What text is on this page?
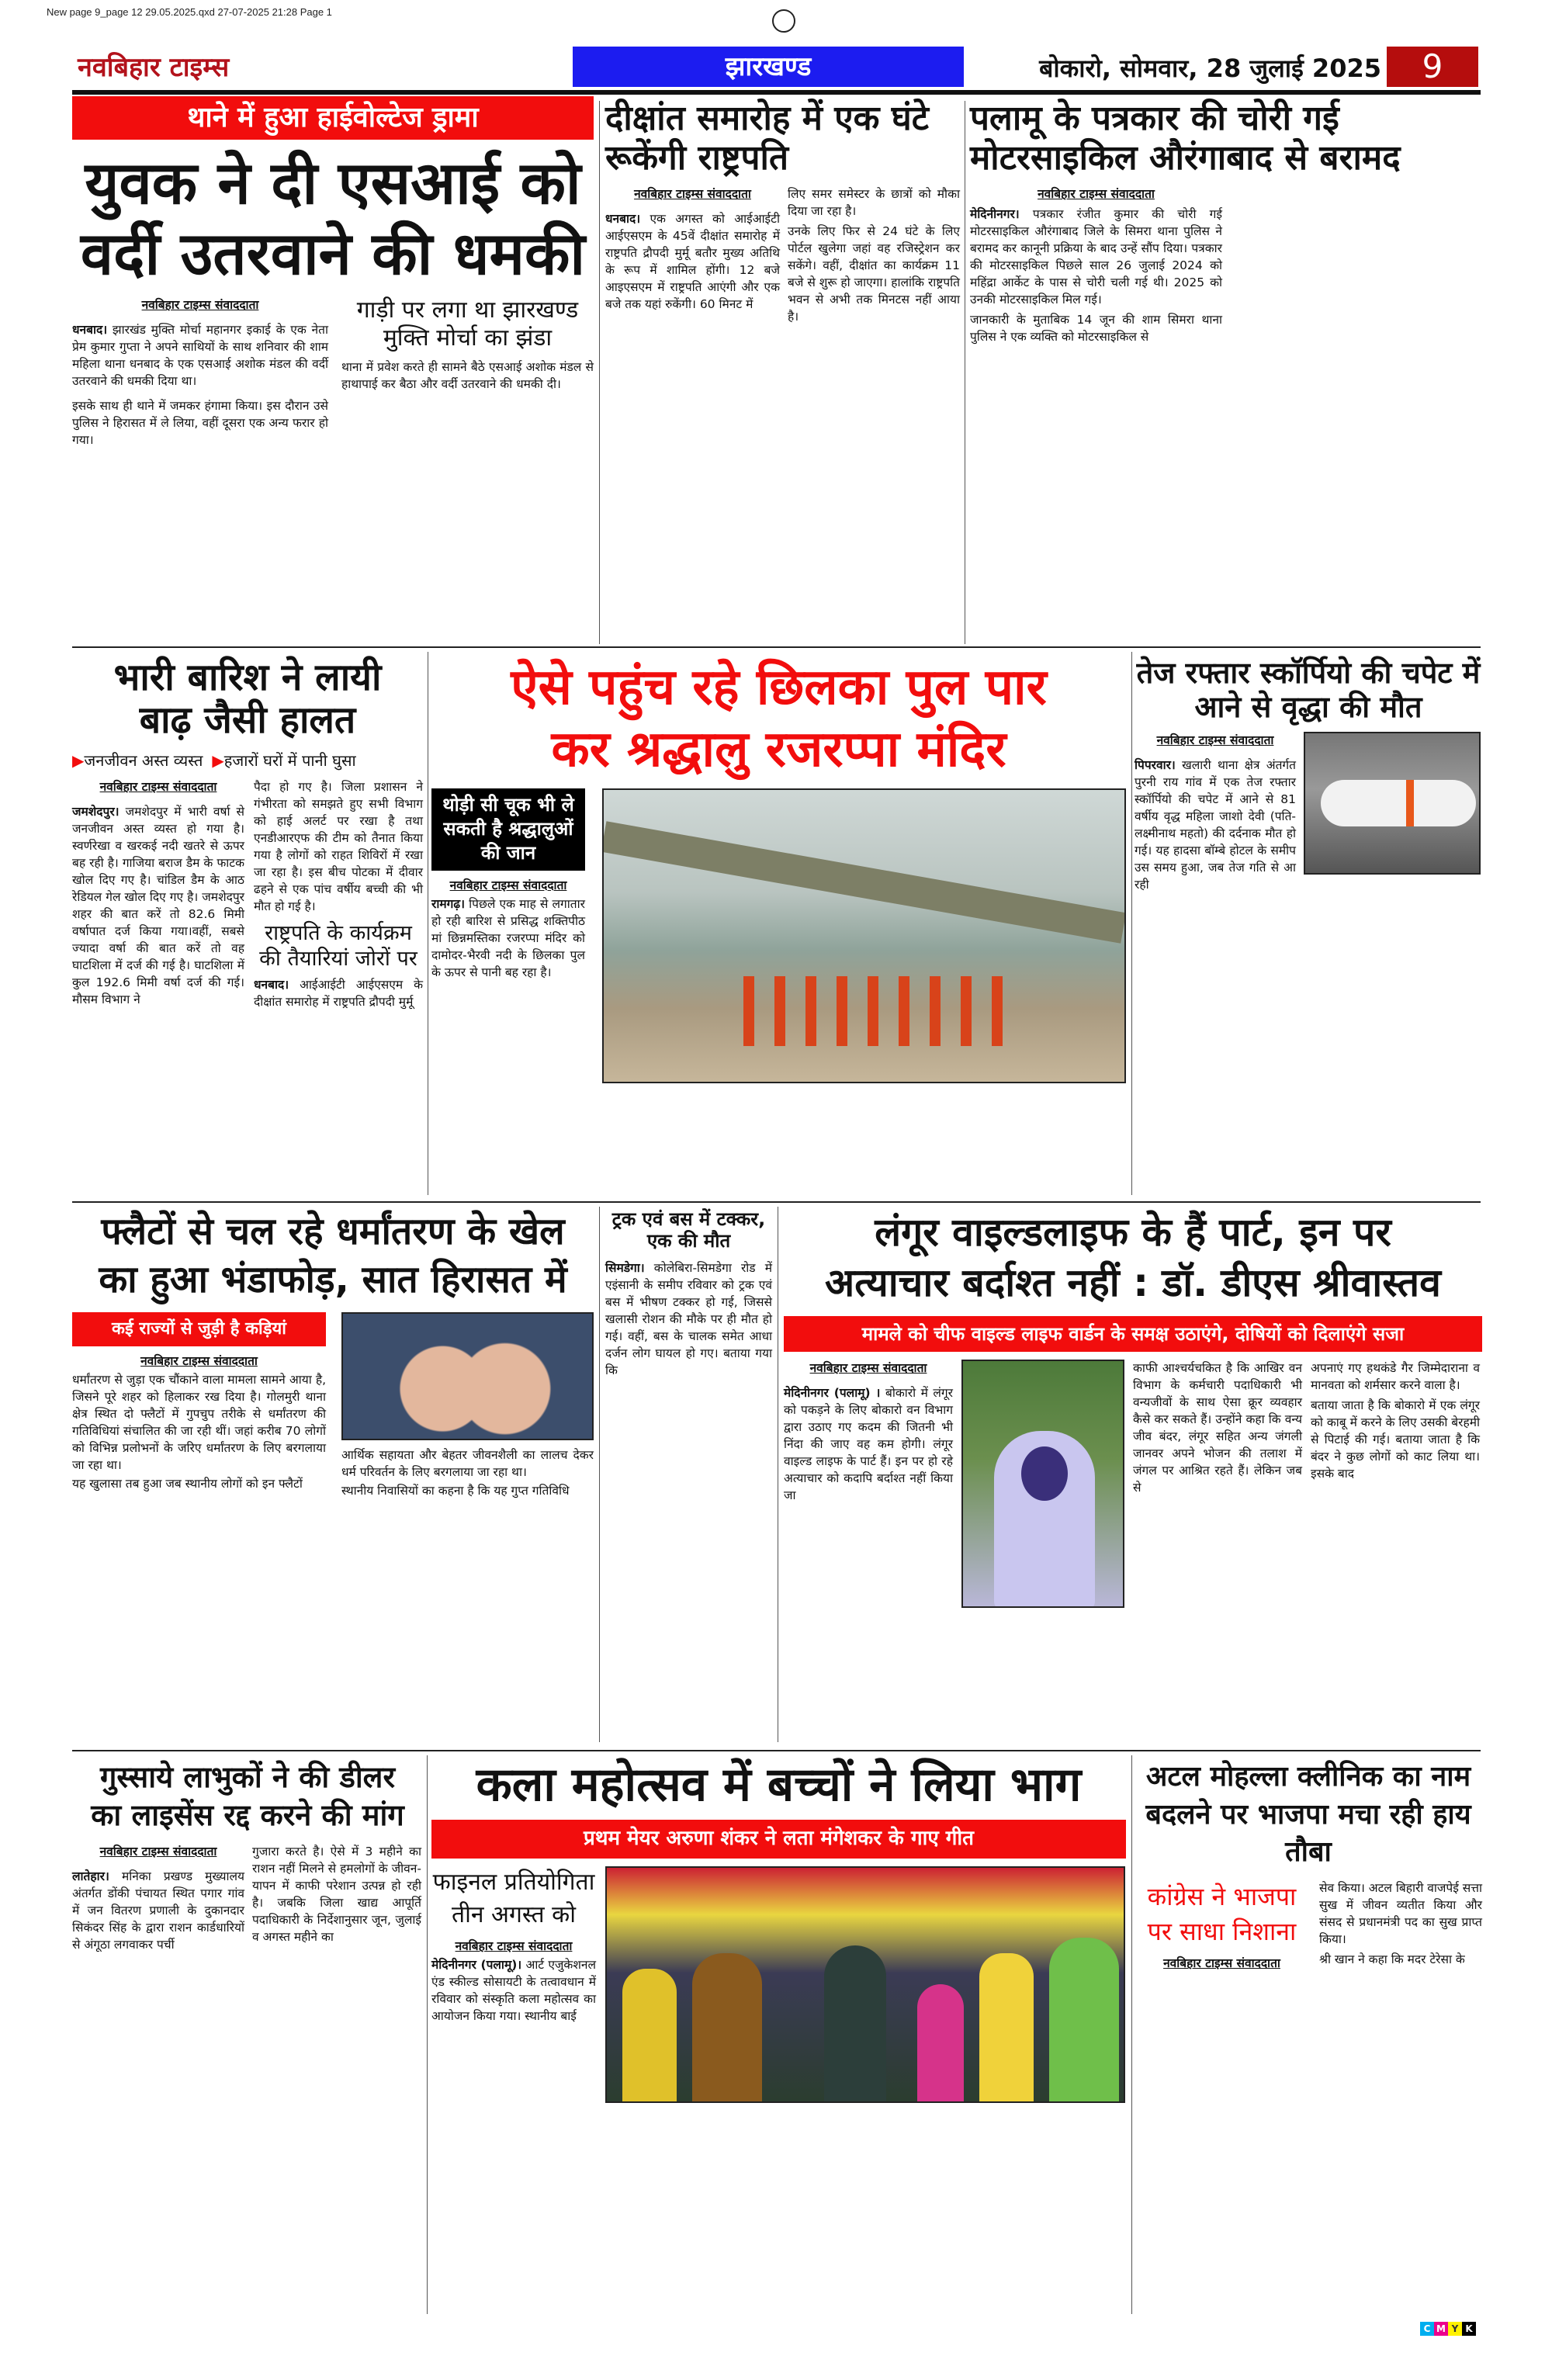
New page 9_page 12 29.05.2025.qxd 27-07-2025 21:28 Page 1
नवबिहार टाइम्स	झारखण्ड	बोकारो, सोमवार, 28 जुलाई 2025	9
थाने में हुआ हाईवोल्टेज ड्रामा
युवक ने दी एसआई को
वर्दी उतरवाने की धमकी
नवबिहार टाइम्स संवाददाता

धनबाद। झारखंड मुक्ति मोर्चा महानगर इकाई के एक नेता प्रेम कुमार गुप्ता ने अपने साथियों के साथ शनिवार की शाम महिला थाना धनबाद के एक एसआई अशोक मंडल की वर्दी उतरवाने की धमकी दिया था।

इसके साथ ही थाने में जमकर हंगामा किया। इस दौरान उसे पुलिस ने हिरासत में ले लिया, वहीं दूसरा एक अन्य फरार हो गया।

गाड़ी पर लगा था झारखण्ड मुक्ति मोर्चा का झंडा

थाना में प्रवेश करते ही सामने बैठे एसआई अशोक मंडल से हाथापाई कर बैठा और वर्दी उतरवाने की धमकी दी।

दीक्षांत समारोह में एक घंटे रूकेंगी राष्ट्रपति
नवबिहार टाइम्स संवाददाता

धनबाद। एक अगस्त को आईआईटी आईएसएम के 45वें दीक्षांत समारोह में राष्ट्रपति द्रौपदी मुर्मू बतौर मुख्य अतिथि के रूप में शामिल होंगी। 12 बजे आइएसएम में राष्ट्रपति आएंगी और एक बजे तक यहां रुकेंगी। 60 मिनट में

लिए समर समेस्टर के छात्रों को मौका दिया जा रहा है।

उनके लिए फिर से 24 घंटे के लिए पोर्टल खुलेगा जहां वह रजिस्ट्रेशन कर सकेंगे। वहीं, दीक्षांत का कार्यक्रम 11 बजे से शुरू हो जाएगा। हालांकि राष्ट्रपति भवन से अभी तक मिनटस नहीं आया है।

पलामू के पत्रकार की चोरी गई मोटरसाइकिल औरंगाबाद से बरामद
नवबिहार टाइम्स संवाददाता

मेदिनीनगर। पत्रकार रंजीत कुमार की चोरी गई मोटरसाइकिल औरंगाबाद जिले के सिमरा थाना पुलिस ने बरामद कर कानूनी प्रक्रिया के बाद उन्हें सौंप दिया। पत्रकार की मोटरसाइकिल पिछले साल 26 जुलाई 2024 को महिंद्रा आर्केट के पास से चोरी चली गई थी। 2025 को उनकी मोटरसाइकिल मिल गई।

जानकारी के मुताबिक 14 जून की शाम सिमरा थाना पुलिस ने एक व्यक्ति को मोटरसाइकिल से

भारी बारिश ने लायी
बाढ़ जैसी हालत
▶जनजीवन अस्त व्यस्त ▶हजारों घरों में पानी घुसा
नवबिहार टाइम्स संवाददाता

जमशेदपुर। जमशेदपुर में भारी वर्षा से जनजीवन अस्त व्यस्त हो गया है। स्वर्णरेखा व खरकई नदी खतरे से ऊपर बह रही है। गाजिया बराज डैम के फाटक खोल दिए गए है। चांडिल डैम के आठ रेडियल गेल खोल दिए गए है। जमशेदपुर शहर की बात करें तो 82.6 मिमी वर्षापात दर्ज किया गया।वहीं, सबसे ज्यादा वर्षा की बात करें तो वह घाटशिला में दर्ज की गई है। घाटशिला में कुल 192.6 मिमी वर्षा दर्ज की गई। मौसम विभाग ने

पैदा हो गए है। जिला प्रशासन ने गंभीरता को समझते हुए सभी विभाग को हाई अलर्ट पर रखा है तथा एनडीआरएफ की टीम को तैनात किया गया है लोगों को राहत शिविरों में रखा जा रहा है। इस बीच पोटका में दीवार ढहने से एक पांच वर्षीय बच्ची की भी मौत हो गई है।

राष्ट्रपति के कार्यक्रम की तैयारियां जोरों पर

धनबाद। आईआईटी आईएसएम के दीक्षांत समारोह में राष्ट्रपति द्रौपदी मुर्मू

ऐसे पहुंच रहे छिलका पुल पार
कर श्रद्धालु रजरप्पा मंदिर
थोड़ी सी चूक भी ले सकती है श्रद्धालुओं की जान
नवबिहार टाइम्स संवाददाता

रामगढ़। पिछले एक माह से लगातार हो रही बारिश से प्रसिद्ध शक्तिपीठ मां छिन्नमस्तिका रजरप्पा मंदिर को दामोदर-भैरवी नदी के छिलका पुल के ऊपर से पानी बह रहा है।

तेज रफ्तार स्कॉर्पियो की चपेट में आने से वृद्धा की मौत
नवबिहार टाइम्स संवाददाता

पिपरवार। खलारी थाना क्षेत्र अंतर्गत पुरनी राय गांव में एक तेज रफ्तार स्कॉर्पियो की चपेट में आने से 81 वर्षीय वृद्ध महिला जाशो देवी (पति-लक्ष्मीनाथ महतो) की दर्दनाक मौत हो गई। यह हादसा बॉम्बे होटल के समीप उस समय हुआ, जब तेज गति से आ रही

फ्लैटों से चल रहे धर्मांतरण के खेल
का हुआ भंडाफोड़, सात हिरासत में
कई राज्यों से जुड़ी है कड़ियां
नवबिहार टाइम्स संवाददाता

धर्मांतरण से जुड़ा एक चौंकाने वाला मामला सामने आया है, जिसने पूरे शहर को हिलाकर रख दिया है। गोलमुरी थाना क्षेत्र स्थित दो फ्लैटों में गुपचुप तरीके से धर्मांतरण की गतिविधियां संचालित की जा रही थीं। जहां करीब 70 लोगों को विभिन्न प्रलोभनों के जरिए धर्मांतरण के लिए बरगलाया जा रहा था।

यह खुलासा तब हुआ जब स्थानीय लोगों को इन फ्लैटों

आर्थिक सहायता और बेहतर जीवनशैली का लालच देकर धर्म परिवर्तन के लिए बरगलाया जा रहा था।

स्थानीय निवासियों का कहना है कि यह गुप्त गतिविधि

ट्रक एवं बस में टक्कर, एक की मौत

सिमडेगा। कोलेबिरा-सिमडेगा रोड में एइंसानी के समीप रविवार को ट्रक एवं बस में भीषण टक्कर हो गई, जिससे खलासी रोशन की मौके पर ही मौत हो गई। वहीं, बस के चालक समेत आधा दर्जन लोग घायल हो गए। बताया गया कि

लंगूर वाइल्डलाइफ के हैं पार्ट, इन पर
अत्याचार बर्दाश्त नहीं : डॉ. डीएस श्रीवास्तव
मामले को चीफ वाइल्ड लाइफ वार्डन के समक्ष उठाएंगे, दोषियों को दिलाएंगे सजा
नवबिहार टाइम्स संवाददाता

मेदिनीनगर (पलामू) । बोकारो में लंगूर को पकड़ने के लिए बोकारो वन विभाग द्वारा उठाए गए कदम की जितनी भी निंदा की जाए वह कम होगी। लंगूर वाइल्ड लाइफ के पार्ट हैं। इन पर हो रहे अत्याचार को कदापि बर्दाश्त नहीं किया जा

काफी आश्चर्यचकित है कि आखिर वन विभाग के कर्मचारी पदाधिकारी भी वन्यजीवों के साथ ऐसा क्रूर व्यवहार कैसे कर सकते हैं। उन्होंने कहा कि वन्य जीव बंदर, लंगूर सहित अन्य जंगली जानवर अपने भोजन की तलाश में जंगल पर आश्रित रहते हैं। लेकिन जब से

अपनाएं गए हथकंडे गैर जिम्मेदाराना व मानवता को शर्मसार करने वाला है।

बताया जाता है कि बोकारो में एक लंगूर को काबू में करने के लिए उसकी बेरहमी से पिटाई की गई। बताया जाता है कि बंदर ने कुछ लोगों को काट लिया था। इसके बाद

गुस्साये लाभुकों ने की डीलर
का लाइसेंस रद्द करने की मांग
नवबिहार टाइम्स संवाददाता

लातेहार। मनिका प्रखण्ड मुख्यालय अंतर्गत डोंकी पंचायत स्थित पगार गांव में जन वितरण प्रणाली के दुकानदार सिकंदर सिंह के द्वारा राशन कार्डधारियों से अंगूठा लगवाकर पर्ची

गुजारा करते है। ऐसे में 3 महीने का राशन नहीं मिलने से हमलोगों के जीवन-यापन में काफी परेशान उत्पन्न हो रही है। जबकि जिला खाद्य आपूर्ति पदाधिकारी के निर्देशानुसार जून, जुलाई व अगस्त महीने का

कला महोत्सव में बच्चों ने लिया भाग
प्रथम मेयर अरुणा शंकर ने लता मंगेशकर के गाए गीत
फाइनल प्रतियोगिता तीन अगस्त को
नवबिहार टाइम्स संवाददाता

मेदिनीनगर (पलामू)। आर्ट एजुकेशनल एंड स्कील्ड सोसायटी के तत्वावधान में रविवार को संस्कृति कला महोत्सव का आयोजन किया गया। स्थानीय बाई

अटल मोहल्ला क्लीनिक का नाम
बदलने पर भाजपा मचा रही हाय तौबा
कांग्रेस ने भाजपा पर साधा निशाना
नवबिहार टाइम्स संवाददाता

सेव किया। अटल बिहारी वाजपेई सत्ता सुख में जीवन व्यतीत किया और संसद से प्रधानमंत्री पद का सुख प्राप्त किया।

श्री खान ने कहा कि मदर टेरेसा के

C M Y K
